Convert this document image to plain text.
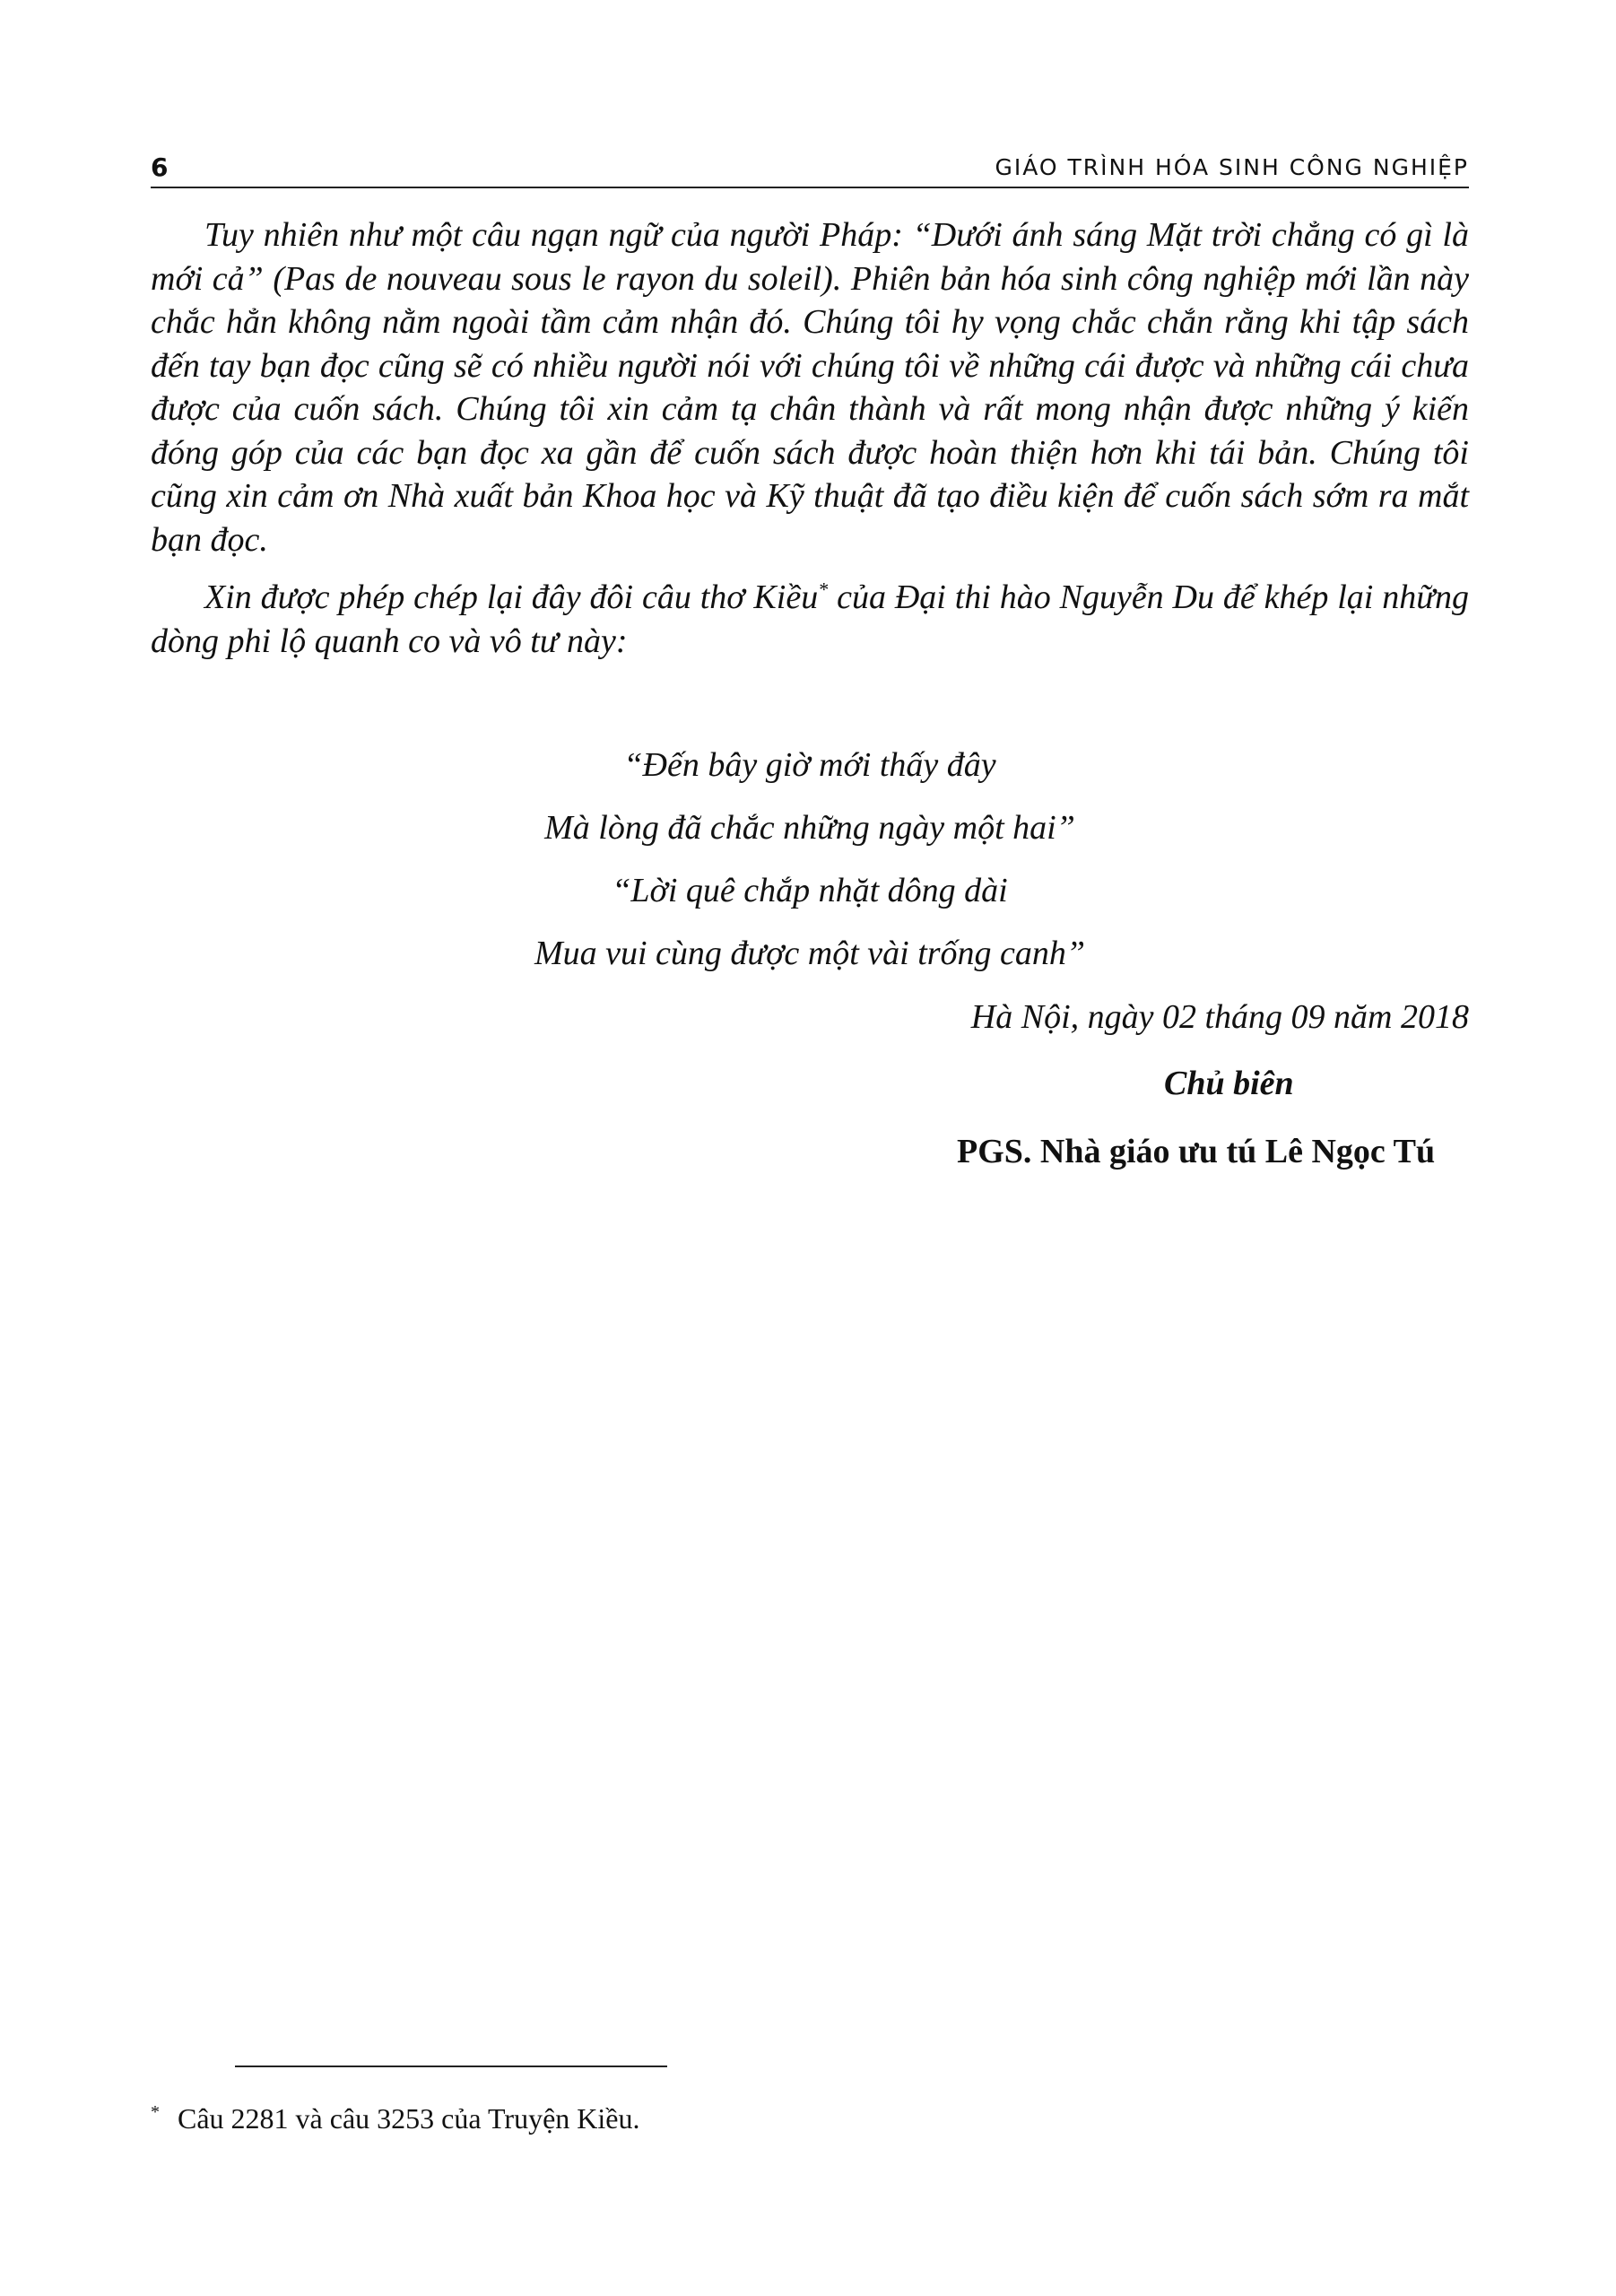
6	GIÁO TRÌNH HÓA SINH CÔNG NGHIỆP

Tuy nhiên như một câu ngạn ngữ của người Pháp: “Dưới ánh sáng Mặt trời chẳng có gì là mới cả” (Pas de nouveau sous le rayon du soleil). Phiên bản hóa sinh công nghiệp mới lần này chắc hẳn không nằm ngoài tầm cảm nhận đó. Chúng tôi hy vọng chắc chắn rằng khi tập sách đến tay bạn đọc cũng sẽ có nhiều người nói với chúng tôi về những cái được và những cái chưa được của cuốn sách. Chúng tôi xin cảm tạ chân thành và rất mong nhận được những ý kiến đóng góp của các bạn đọc xa gần để cuốn sách được hoàn thiện hơn khi tái bản. Chúng tôi cũng xin cảm ơn Nhà xuất bản Khoa học và Kỹ thuật đã tạo điều kiện để cuốn sách sớm ra mắt bạn đọc.

Xin được phép chép lại đây đôi câu thơ Kiều* của Đại thi hào Nguyễn Du để khép lại những dòng phi lộ quanh co và vô tư này:

“Đến bây giờ mới thấy đây
Mà lòng đã chắc những ngày một hai”
“Lời quê chắp nhặt dông dài
Mua vui cùng được một vài trống canh”
Hà Nội, ngày 02 tháng 09 năm 2018
Chủ biên
PGS. Nhà giáo ưu tú Lê Ngọc Tú
* Câu 2281 và câu 3253 của Truyện Kiều.
